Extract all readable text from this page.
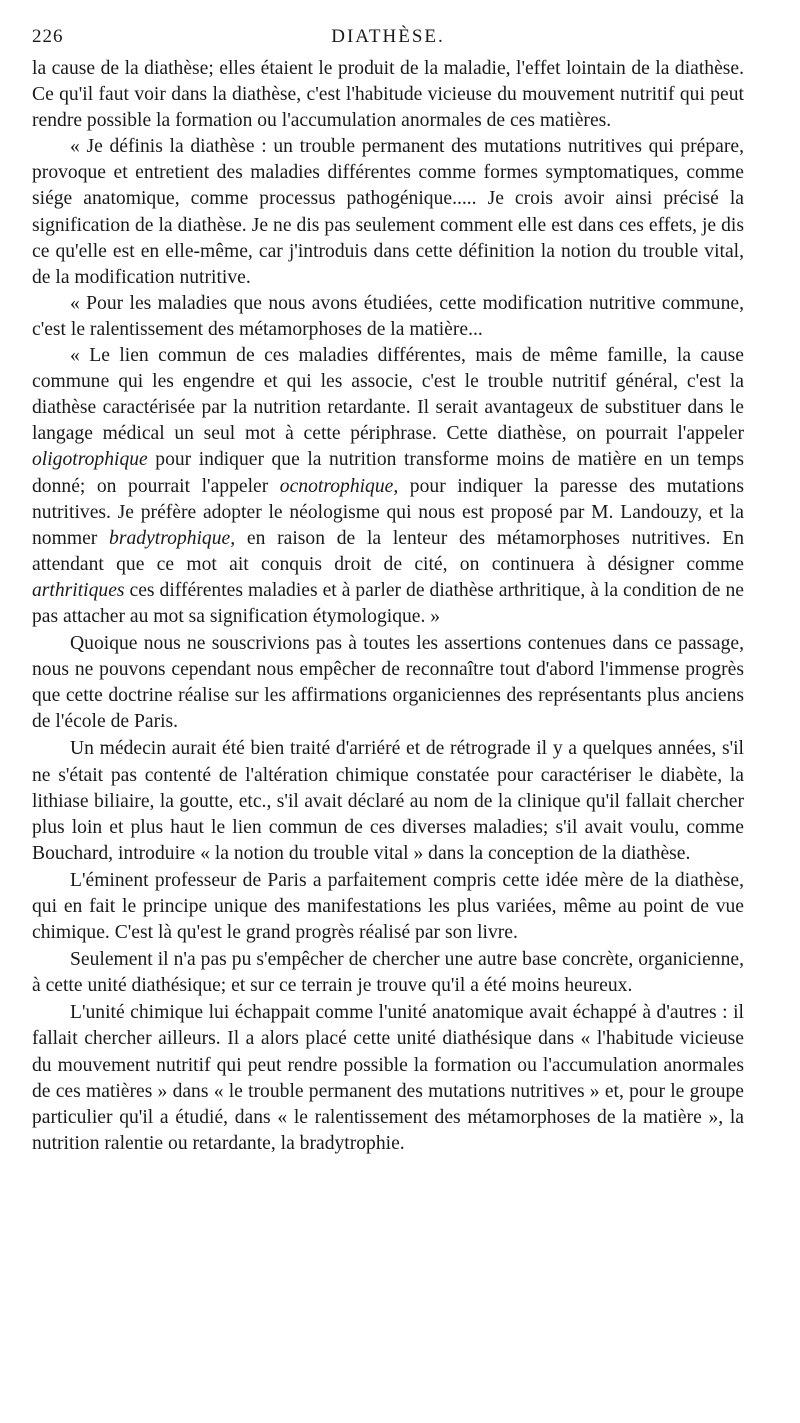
226	DIATHÈSE.

la cause de la diathèse; elles étaient le produit de la maladie, l'effet lointain de la diathèse. Ce qu'il faut voir dans la diathèse, c'est l'habitude vicieuse du mouvement nutritif qui peut rendre possible la formation ou l'accumulation anormales de ces matières.

« Je définis la diathèse : un trouble permanent des mutations nutritives qui prépare, provoque et entretient des maladies différentes comme formes symptomatiques, comme siége anatomique, comme processus pathogénique..... Je crois avoir ainsi précisé la signification de la diathèse. Je ne dis pas seulement comment elle est dans ces effets, je dis ce qu'elle est en elle-même, car j'introduis dans cette définition la notion du trouble vital, de la modification nutritive.

« Pour les maladies que nous avons étudiées, cette modification nutritive commune, c'est le ralentissement des métamorphoses de la matière...

« Le lien commun de ces maladies différentes, mais de même famille, la cause commune qui les engendre et qui les associe, c'est le trouble nutritif général, c'est la diathèse caractérisée par la nutrition retardante. Il serait avantageux de substituer dans le langage médical un seul mot à cette périphrase. Cette diathèse, on pourrait l'appeler oligotrophique pour indiquer que la nutrition transforme moins de matière en un temps donné; on pourrait l'appeler ocnotrophique, pour indiquer la paresse des mutations nutritives. Je préfère adopter le néologisme qui nous est proposé par M. Landouzy, et la nommer bradytrophique, en raison de la lenteur des métamorphoses nutritives. En attendant que ce mot ait conquis droit de cité, on continuera à désigner comme arthritiques ces différentes maladies et à parler de diathèse arthritique, à la condition de ne pas attacher au mot sa signification étymologique. »

Quoique nous ne souscrivions pas à toutes les assertions contenues dans ce passage, nous ne pouvons cependant nous empêcher de reconnaître tout d'abord l'immense progrès que cette doctrine réalise sur les affirmations organiciennes des représentants plus anciens de l'école de Paris.

Un médecin aurait été bien traité d'arriéré et de rétrograde il y a quelques années, s'il ne s'était pas contenté de l'altération chimique constatée pour caractériser le diabète, la lithiase biliaire, la goutte, etc., s'il avait déclaré au nom de la clinique qu'il fallait chercher plus loin et plus haut le lien commun de ces diverses maladies; s'il avait voulu, comme Bouchard, introduire « la notion du trouble vital » dans la conception de la diathèse.

L'éminent professeur de Paris a parfaitement compris cette idée mère de la diathèse, qui en fait le principe unique des manifestations les plus variées, même au point de vue chimique. C'est là qu'est le grand progrès réalisé par son livre.

Seulement il n'a pas pu s'empêcher de chercher une autre base concrète, organicienne, à cette unité diathésique; et sur ce terrain je trouve qu'il a été moins heureux.

L'unité chimique lui échappait comme l'unité anatomique avait échappé à d'autres : il fallait chercher ailleurs. Il a alors placé cette unité diathésique dans « l'habitude vicieuse du mouvement nutritif qui peut rendre possible la formation ou l'accumulation anormales de ces matières » dans « le trouble permanent des mutations nutritives » et, pour le groupe particulier qu'il a étudié, dans « le ralentissement des métamorphoses de la matière », la nutrition ralentie ou retardante, la bradytrophie.
